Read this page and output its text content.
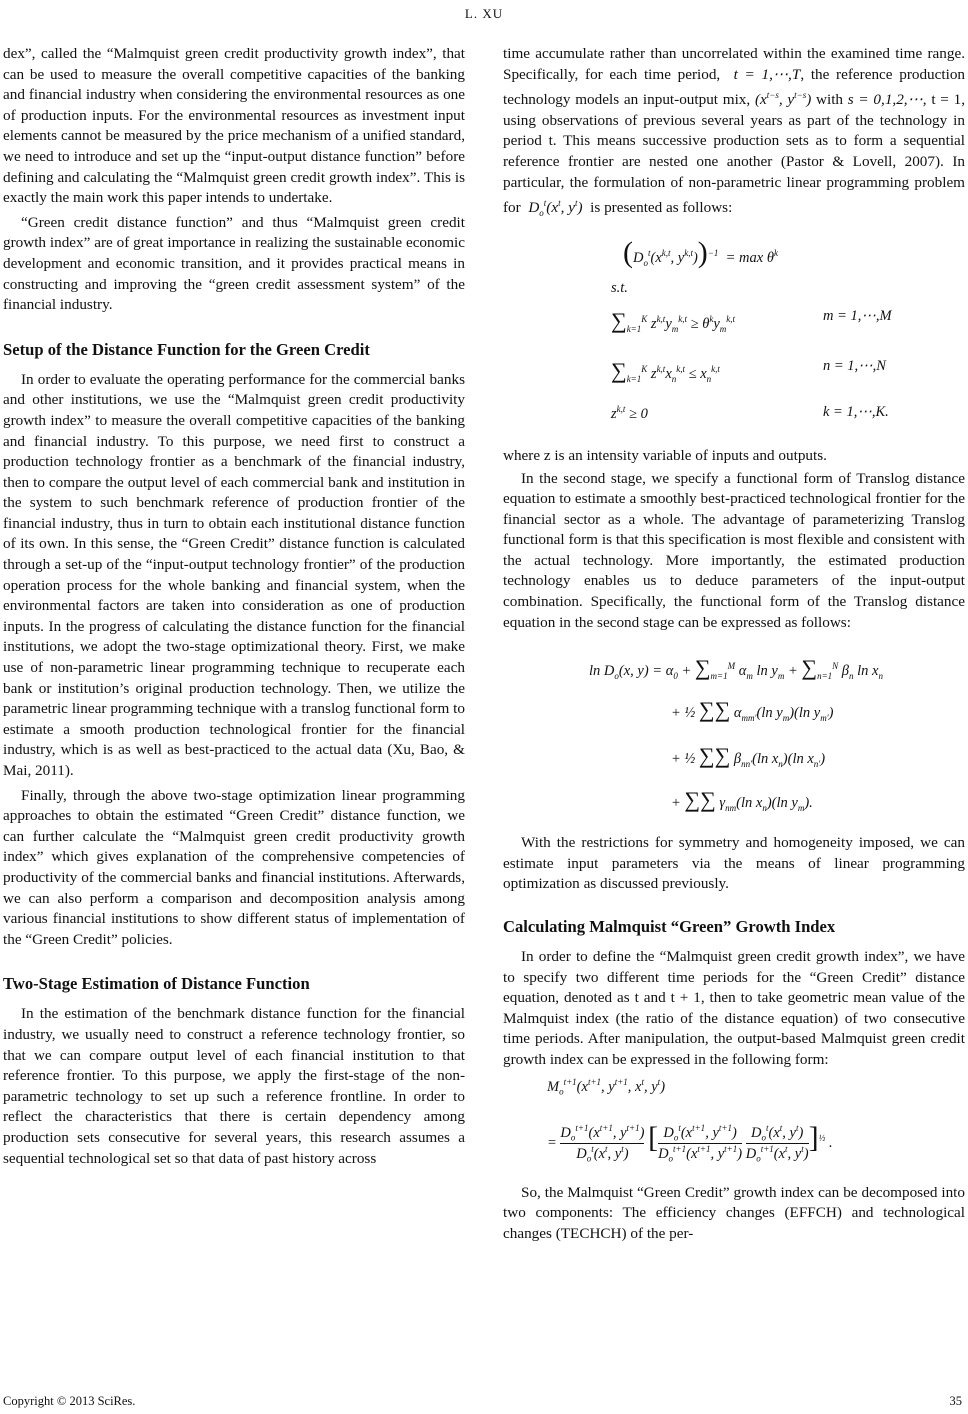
L. XU

dex”, called the “Malmquist green credit productivity growth index”, that can be used to measure the overall competitive capacities of the banking and financial industry when considering the environmental resources as one of production inputs. For the environmental resources as investment input elements cannot be measured by the price mechanism of a unified standard, we need to introduce and set up the “input-output distance function” before defining and calculating the “Malmquist green credit growth index”. This is exactly the main work this paper intends to undertake.

“Green credit distance function” and thus “Malmquist green credit growth index” are of great importance in realizing the sustainable economic development and economic transition, and it provides practical means in constructing and improving the “green credit assessment system” of the financial industry.

Setup of the Distance Function for the Green Credit

In order to evaluate the operating performance for the commercial banks and other institutions, we use the “Malmquist green credit productivity growth index” to measure the overall competitive capacities of the banking and financial industry. To this purpose, we need first to construct a production technology frontier as a benchmark of the financial industry, then to compare the output level of each commercial bank and institution in the system to such benchmark reference of production frontier of the financial industry, thus in turn to obtain each institutional distance function of its own. In this sense, the “Green Credit” distance function is calculated through a set-up of the “input-output technology frontier” of the production operation process for the whole banking and financial system, when the environmental factors are taken into consideration as one of production inputs. In the progress of calculating the distance function for the financial institutions, we adopt the two-stage optimizational theory. First, we make use of non-parametric linear programming technique to recuperate each bank or institution’s original production technology. Then, we utilize the parametric linear programming technique with a translog functional form to estimate a smooth production technological frontier for the financial industry, which is as well as best-practiced to the actual data (Xu, Bao, & Mai, 2011).

Finally, through the above two-stage optimization linear programming approaches to obtain the estimated “Green Credit” distance function, we can further calculate the “Malmquist green credit productivity growth index” which gives explanation of the comprehensive competencies of productivity of the commercial banks and financial institutions. Afterwards, we can also perform a comparison and decomposition analysis among various financial institutions to show different status of implementation of the “Green Credit” policies.

Two-Stage Estimation of Distance Function

In the estimation of the benchmark distance function for the financial industry, we usually need to construct a reference technology frontier, so that we can compare output level of each financial institution to that reference frontier. To this purpose, we apply the first-stage of the non-parametric technology to set up such a reference frontline. In order to reflect the characteristics that there is certain dependency among production sets consecutive for several years, this research assumes a sequential technological set so that data of past history across

time accumulate rather than uncorrelated within the examined time range. Specifically, for each time period,  t = 1,⋯,T, the reference production technology models an input-output mix, ($x^{t-s}$, $y^{t-s}$) with s = 0,1,2,⋯, t = 1, using observations of previous several years as part of the technology in period t. This means successive production sets as to form a sequential reference frontier are nested one another (Pastor & Lovell, 2007). In particular, the formulation of non-parametric linear programming problem for  $D_o^t(x^t$, $y^t$)  is presented as follows:

($D_o^t(x^{k,t}$, $y^{k,t}))^{-1} = \max \theta^k$
s.t.
$\sum_{k=1}^K$ $z^{k,t}y_m^{k,t} \ge \theta^ky_m^{k,t}$	m = 1,⋯,M
$\sum_{k=1}^K$ $z^{k,t}x_n^{k,t} \le x_n^{k,t}$	n = 1,⋯,N
$z^{k,t} \ge 0$	k = 1,⋯,K.

where z is an intensity variable of inputs and outputs.

In the second stage, we specify a functional form of Translog distance equation to estimate a smoothly best-practiced technological frontier for the financial sector as a whole. The advantage of parameterizing Translog functional form is that this specification is most flexible and consistent with the actual technology. More importantly, the estimated production technology enables us to deduce parameters of the input-output combination. Specifically, the functional form of the Translog distance equation in the second stage can be expressed as follows:

$\ln D_o(x$, $y) = \alpha_0 + \sum_{m=1}^M$ $\alpha_m$ $\ln y_m + \sum_{n=1}^N$ $\beta_n$ $\ln x_n$
+ ½ ∑∑ $\alpha_{mm'}(\ln$ $y_m)(\ln$ $y_{m'}$)
+ ½ ∑∑ $\beta_{nn'}(\ln$ $x_n)(\ln$ $x_{n'}$)
+ ∑∑ $\gamma_{nm}(\ln$ $x_n)(\ln$ $y_m$).

With the restrictions for symmetry and homogeneity imposed, we can estimate input parameters via the means of linear programming optimization as discussed previously.

Calculating Malmquist “Green” Growth Index

In order to define the “Malmquist green credit growth index”, we have to specify two different time periods for the “Green Credit” distance equation, denoted as t and t + 1, then to take geometric mean value of the Malmquist index (the ratio of the distance equation) of two consecutive time periods. After manipulation, the output-based Malmquist green credit growth index can be expressed in the following form:

$M_o^{t+1}(x^{t+1}$, $y^{t+1}$, $x^t$, $y^t$)
=
$D_o^{t+1}(x^{t+1}$, $y^{t+1}$)
$D_o^t(x^t$, $y^t$) [ $D_o^t(x^{t+1}$, $y^{t+1}$)
$D_o^{t+1}(x^{t+1}$, $y^{t+1}$)

$D_o^t(x^t$, $y^t$)
$D_o^{t+1}(x^t$, $y^t$) ]$^{\frac{1}{2}}$ .

So, the Malmquist “Green Credit” growth index can be decomposed into two components: The efficiency changes (EFFCH) and technological changes (TECHCH) of the per-

Copyright © 2013 SciRes.	35
